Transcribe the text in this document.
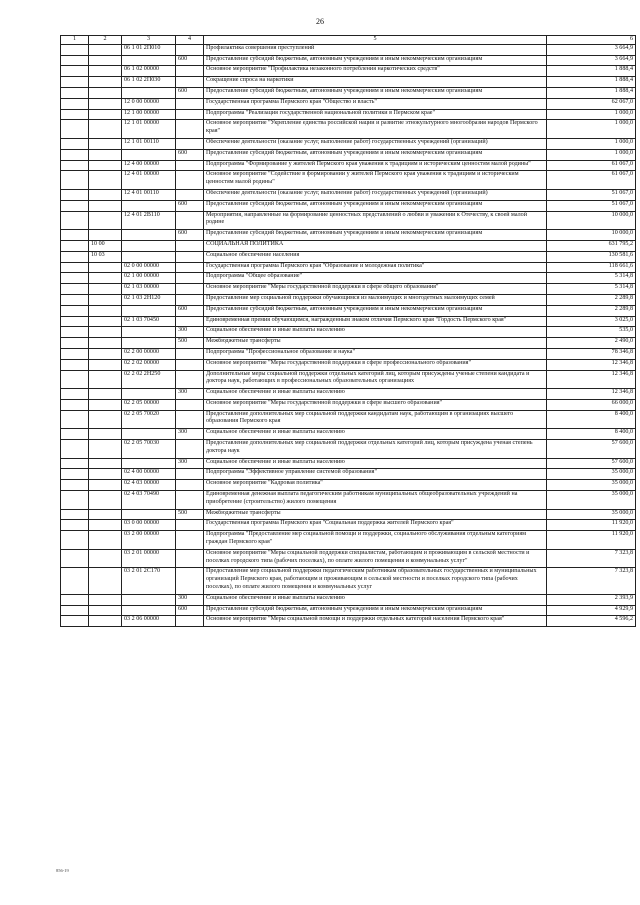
26
1	2	3	4	5	6
		06 1 01 2П010		Профилактика совершения преступлений	3 664,9
			600	Предоставление субсидий бюджетным, автономным учреждениям и иным некоммерческим организациям	3 664,9
		06 1 02 00000		Основное мероприятие "Профилактика незаконного потребления наркотических средств"	1 888,4
		06 1 02 2П030		Сокращение спроса на наркотики	1 888,4
			600	Предоставление субсидий бюджетным, автономным учреждениям и иным некоммерческим организациям	1 888,4
		12 0 00 00000		Государственная программа Пермского края "Общество и власть"	62 067,0
		12 1 00 00000		Подпрограмма "Реализация государственной национальной политики в Пермском крае"	1 000,0
		12 1 01 00000		Основное мероприятие "Укрепление единства российской нации и развитие этнокультурного многообразия народов Пермского края"	1 000,0
		12 1 01 00110		Обеспечение деятельности (оказание услуг, выполнение работ) государственных учреждений (организаций)	1 000,0
			600	Предоставление субсидий бюджетным, автономным учреждениям и иным некоммерческим организациям	1 000,0
		12 4 00 00000		Подпрограмма "Формирование у жителей Пермского края уважения к традициям и историческим ценностям малой родины"	61 067,0
		12 4 01 00000		Основное мероприятие "Содействие в формировании у жителей Пермского края уважения к традициям и историческим ценностям малой родины"	61 067,0
		12 4 01 00110		Обеспечение деятельности (оказание услуг, выполнение работ) государственных учреждений (организаций)	51 067,0
			600	Предоставление субсидий бюджетным, автономным учреждениям и иным некоммерческим организациям	51 067,0
		12 4 01 2В110		Мероприятия, направленные на формирование ценностных представлений о любви и уважении к Отечеству, к своей малой родине	10 000,0
			600	Предоставление субсидий бюджетным, автономным учреждениям и иным некоммерческим организациям	10 000,0
	10 00			СОЦИАЛЬНАЯ ПОЛИТИКА	631 795,2
	10 03			Социальное обеспечение населения	130 581,6
		02 0 00 00000		Государственная программа Пермского края "Образование и молодежная политика"	118 661,6
		02 1 00 00000		Подпрограмма "Общее образование"	5 314,8
		02 1 03 00000		Основное мероприятие "Меры государственной поддержки в сфере общего образования"	5 314,8
		02 1 03 2Н120		Предоставление мер социальной поддержки обучающимся из малоимущих и многодетных малоимущих семей	2 289,8
			600	Предоставление субсидий бюджетным, автономным учреждениям и иным некоммерческим организациям	2 289,8
		02 1 03 70450		Единовременная премия обучающимся, награжденным знаком отличия Пермского края "Гордость Пермского края"	3 025,0
			300	Социальное обеспечение и иные выплаты населению	535,0
			500	Межбюджетные трансферты	2 490,0
		02 2 00 00000		Подпрограмма "Профессиональное образование и наука"	78 346,8
		02 2 02 00000		Основное мероприятие "Меры государственной поддержки в сфере профессионального образования"	12 346,8
		02 2 02 2Н250		Дополнительные меры социальной поддержки отдельных категорий лиц, которым присуждены ученые степени кандидата и доктора наук, работающих в профессиональных образовательных организациях	12 346,8
			300	Социальное обеспечение и иные выплаты населению	12 346,8
		02 2 05 00000		Основное мероприятие "Меры государственной поддержки в сфере высшего образования"	66 000,0
		02 2 05 70020		Предоставление дополнительных мер социальной поддержки кандидатам наук, работающим в организациях высшего образования Пермского края	8 400,0
			300	Социальное обеспечение и иные выплаты населению	8 400,0
		02 2 05 70030		Предоставление дополнительных мер социальной поддержки отдельных категорий лиц, которым присуждена ученая степень доктора наук	57 600,0
			300	Социальное обеспечение и иные выплаты населению	57 600,0
		02 4 00 00000		Подпрограмма "Эффективное управление системой образования"	35 000,0
		02 4 03 00000		Основное мероприятие "Кадровая политика"	35 000,0
		02 4 03 70490		Единовременная денежная выплата педагогическим работникам муниципальных общеобразовательных учреждений на приобретение (строительство) жилого помещения	35 000,0
			500	Межбюджетные трансферты	35 000,0
		03 0 00 00000		Государственная программа Пермского края "Социальная поддержка жителей Пермского края"	11 920,0
		03 2 00 00000		Подпрограмма "Предоставление мер социальной помощи и поддержки, социального обслуживания отдельным категориям граждан Пермского края"	11 920,0
		03 2 01 00000		Основное мероприятие "Меры социальной поддержки специалистам, работающим и проживающим в сельской местности и поселках городского типа (рабочих поселках), по оплате жилого помещения и коммунальных услуг"	7 323,8
		03 2 01 2С170		Предоставление мер социальной поддержки педагогическим работникам образовательных государственных и муниципальных организаций Пермского края, работающим и проживающим в сельской местности и поселках городского типа (рабочих поселках), по оплате жилого помещения и коммунальных услуг	7 323,8
			300	Социальное обеспечение и иные выплаты населению	2 393,9
			600	Предоставление субсидий бюджетным, автономным учреждениям и иным некоммерческим организациям	4 929,9
		03 2 06 00000		Основное мероприятие "Меры социальной помощи и поддержки отдельных категорий населения Пермского края"	4 596,2
856-19
